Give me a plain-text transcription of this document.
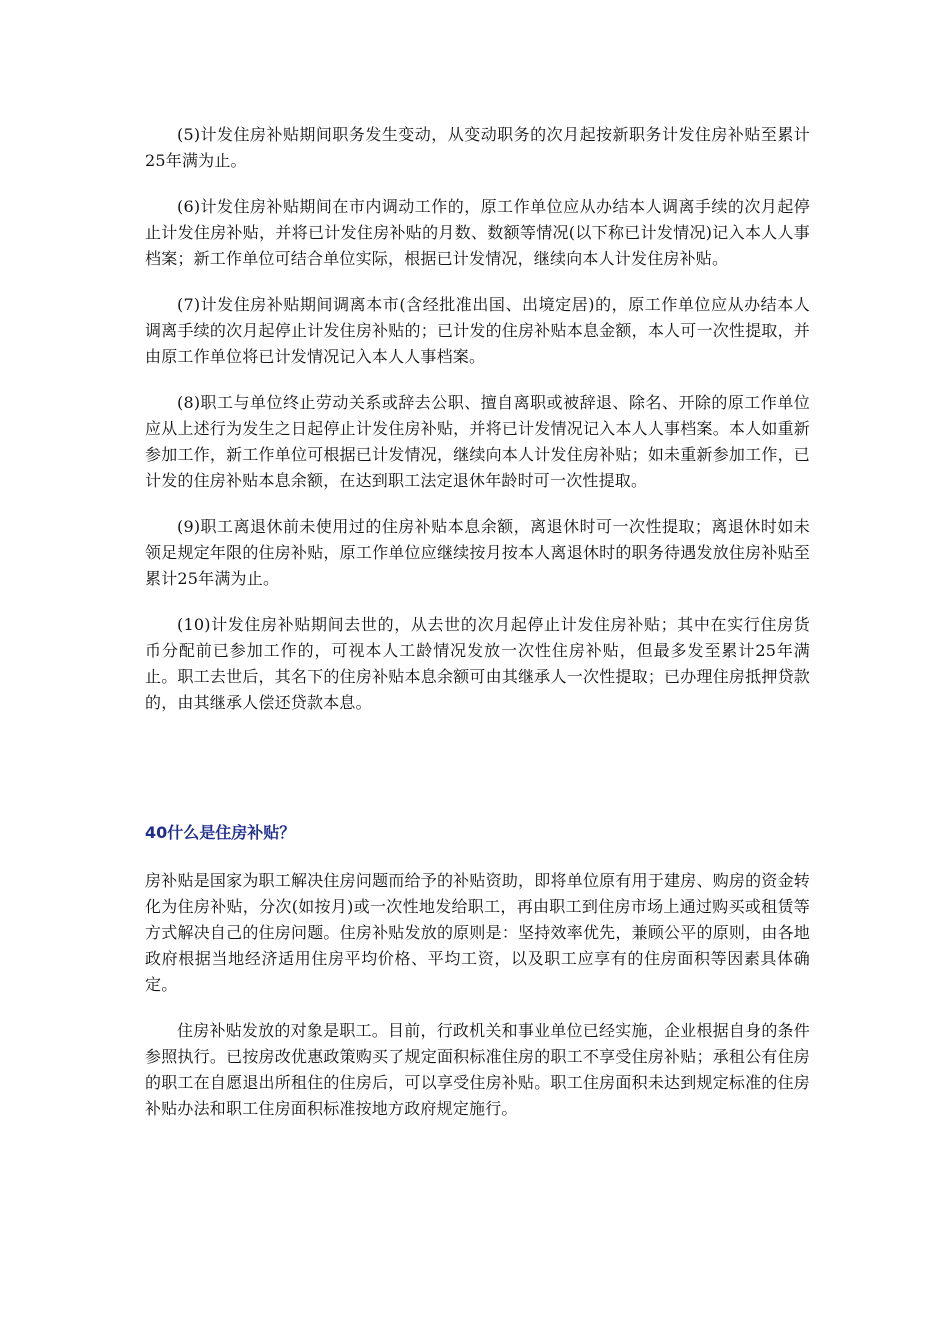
(5)计发住房补贴期间职务发生变动，从变动职务的次月起按新职务计发住房补贴至累计25年满为止。

(6)计发住房补贴期间在市内调动工作的，原工作单位应从办结本人调离手续的次月起停止计发住房补贴，并将已计发住房补贴的月数、数额等情况(以下称已计发情况)记入本人人事档案；新工作单位可结合单位实际，根据已计发情况，继续向本人计发住房补贴。

(7)计发住房补贴期间调离本市(含经批准出国、出境定居)的，原工作单位应从办结本人调离手续的次月起停止计发住房补贴的；已计发的住房补贴本息金额，本人可一次性提取，并由原工作单位将已计发情况记入本人人事档案。

(8)职工与单位终止劳动关系或辞去公职、擅自离职或被辞退、除名、开除的原工作单位应从上述行为发生之日起停止计发住房补贴，并将已计发情况记入本人人事档案。本人如重新参加工作，新工作单位可根据已计发情况，继续向本人计发住房补贴；如未重新参加工作，已计发的住房补贴本息余额，在达到职工法定退休年龄时可一次性提取。

(9)职工离退休前未使用过的住房补贴本息余额，离退休时可一次性提取；离退休时如未领足规定年限的住房补贴，原工作单位应继续按月按本人离退休时的职务待遇发放住房补贴至累计25年满为止。

(10)计发住房补贴期间去世的，从去世的次月起停止计发住房补贴；其中在实行住房货币分配前已参加工作的，可视本人工龄情况发放一次性住房补贴，但最多发至累计25年满止。职工去世后，其名下的住房补贴本息余额可由其继承人一次性提取；已办理住房抵押贷款的，由其继承人偿还贷款本息。

40什么是住房补贴？

房补贴是国家为职工解决住房问题而给予的补贴资助，即将单位原有用于建房、购房的资金转化为住房补贴，分次(如按月)或一次性地发给职工，再由职工到住房市场上通过购买或租赁等方式解决自己的住房问题。住房补贴发放的原则是：坚持效率优先，兼顾公平的原则，由各地政府根据当地经济适用住房平均价格、平均工资，以及职工应享有的住房面积等因素具体确定。

住房补贴发放的对象是职工。目前，行政机关和事业单位已经实施，企业根据自身的条件参照执行。已按房改优惠政策购买了规定面积标准住房的职工不享受住房补贴；承租公有住房的职工在自愿退出所租住的住房后，可以享受住房补贴。职工住房面积未达到规定标准的住房补贴办法和职工住房面积标准按地方政府规定施行。
